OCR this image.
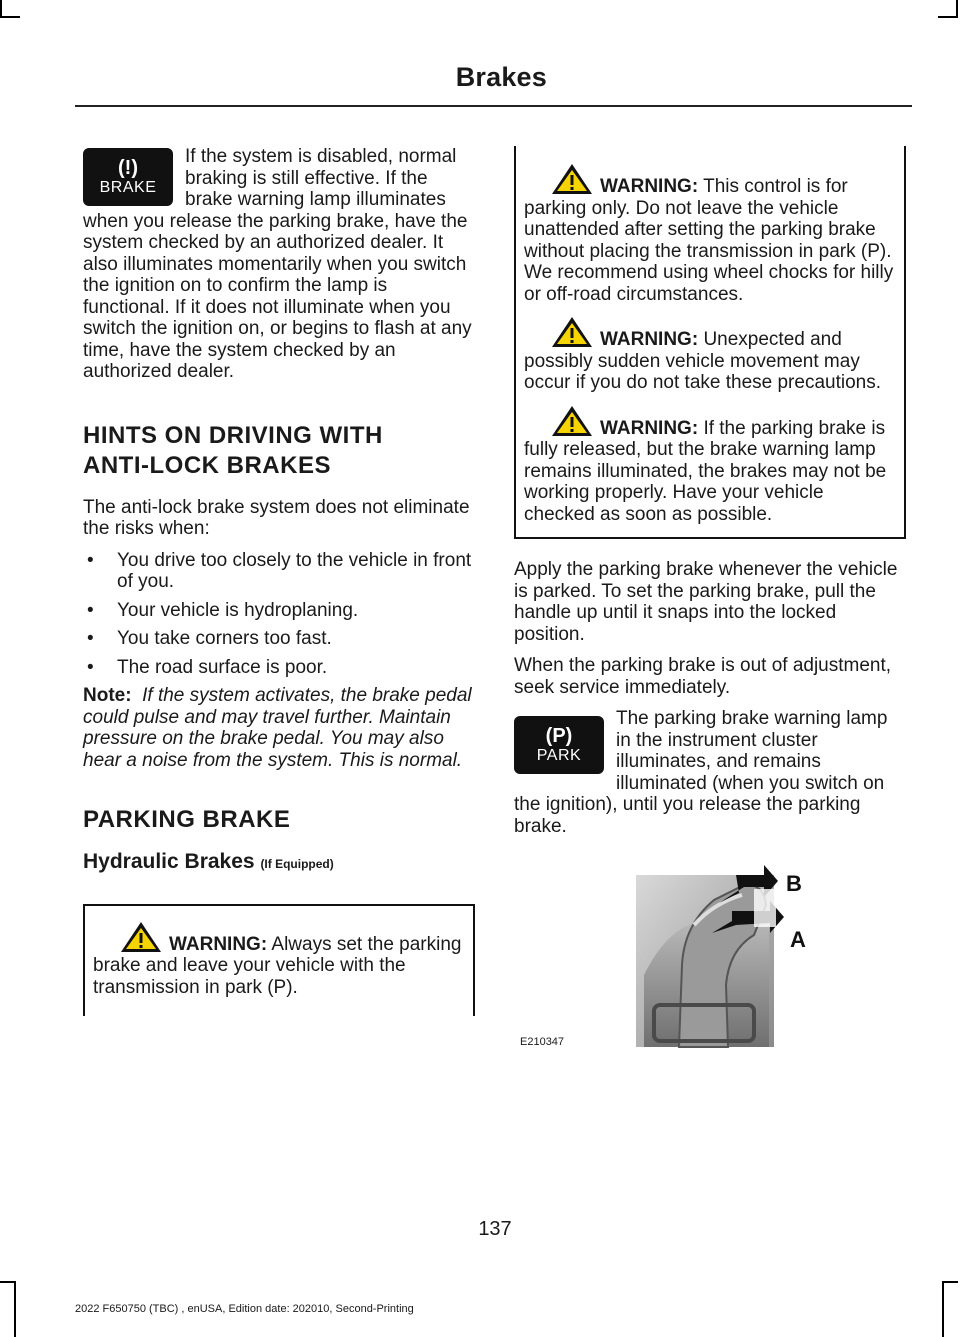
Brakes
(!)
BRAKE

If the system is disabled, normal braking is still effective. If the brake warning lamp illuminates when you release the parking brake, have the system checked by an authorized dealer. It also illuminates momentarily when you switch the ignition on to confirm the lamp is functional. If it does not illuminate when you switch the ignition on, or begins to flash at any time, have the system checked by an authorized dealer.

HINTS ON DRIVING WITH
ANTI-LOCK BRAKES

The anti-lock brake system does not eliminate the risks when:

• You drive too closely to the vehicle in front of you.
• Your vehicle is hydroplaning.
• You take corners too fast.
• The road surface is poor.

Note: If the system activates, the brake pedal could pulse and may travel further. Maintain pressure on the brake pedal. You may also hear a noise from the system. This is normal.

PARKING BRAKE
Hydraulic Brakes (If Equipped)

WARNING: Always set the parking brake and leave your vehicle with the transmission in park (P).

WARNING: This control is for parking only. Do not leave the vehicle unattended after setting the parking brake without placing the transmission in park (P). We recommend using wheel chocks for hilly or off-road circumstances.

WARNING: Unexpected and possibly sudden vehicle movement may occur if you do not take these precautions.

WARNING: If the parking brake is fully released, but the brake warning lamp remains illuminated, the brakes may not be working properly. Have your vehicle checked as soon as possible.

Apply the parking brake whenever the vehicle is parked. To set the parking brake, pull the handle up until it snaps into the locked position.

When the parking brake is out of adjustment, seek service immediately.

(P)
PARK

The parking brake warning lamp in the instrument cluster illuminates, and remains illuminated (when you switch on the ignition), until you release the parking brake.

B
A
E210347
137
2022 F650750 (TBC) , enUSA, Edition date: 202010, Second-Printing
